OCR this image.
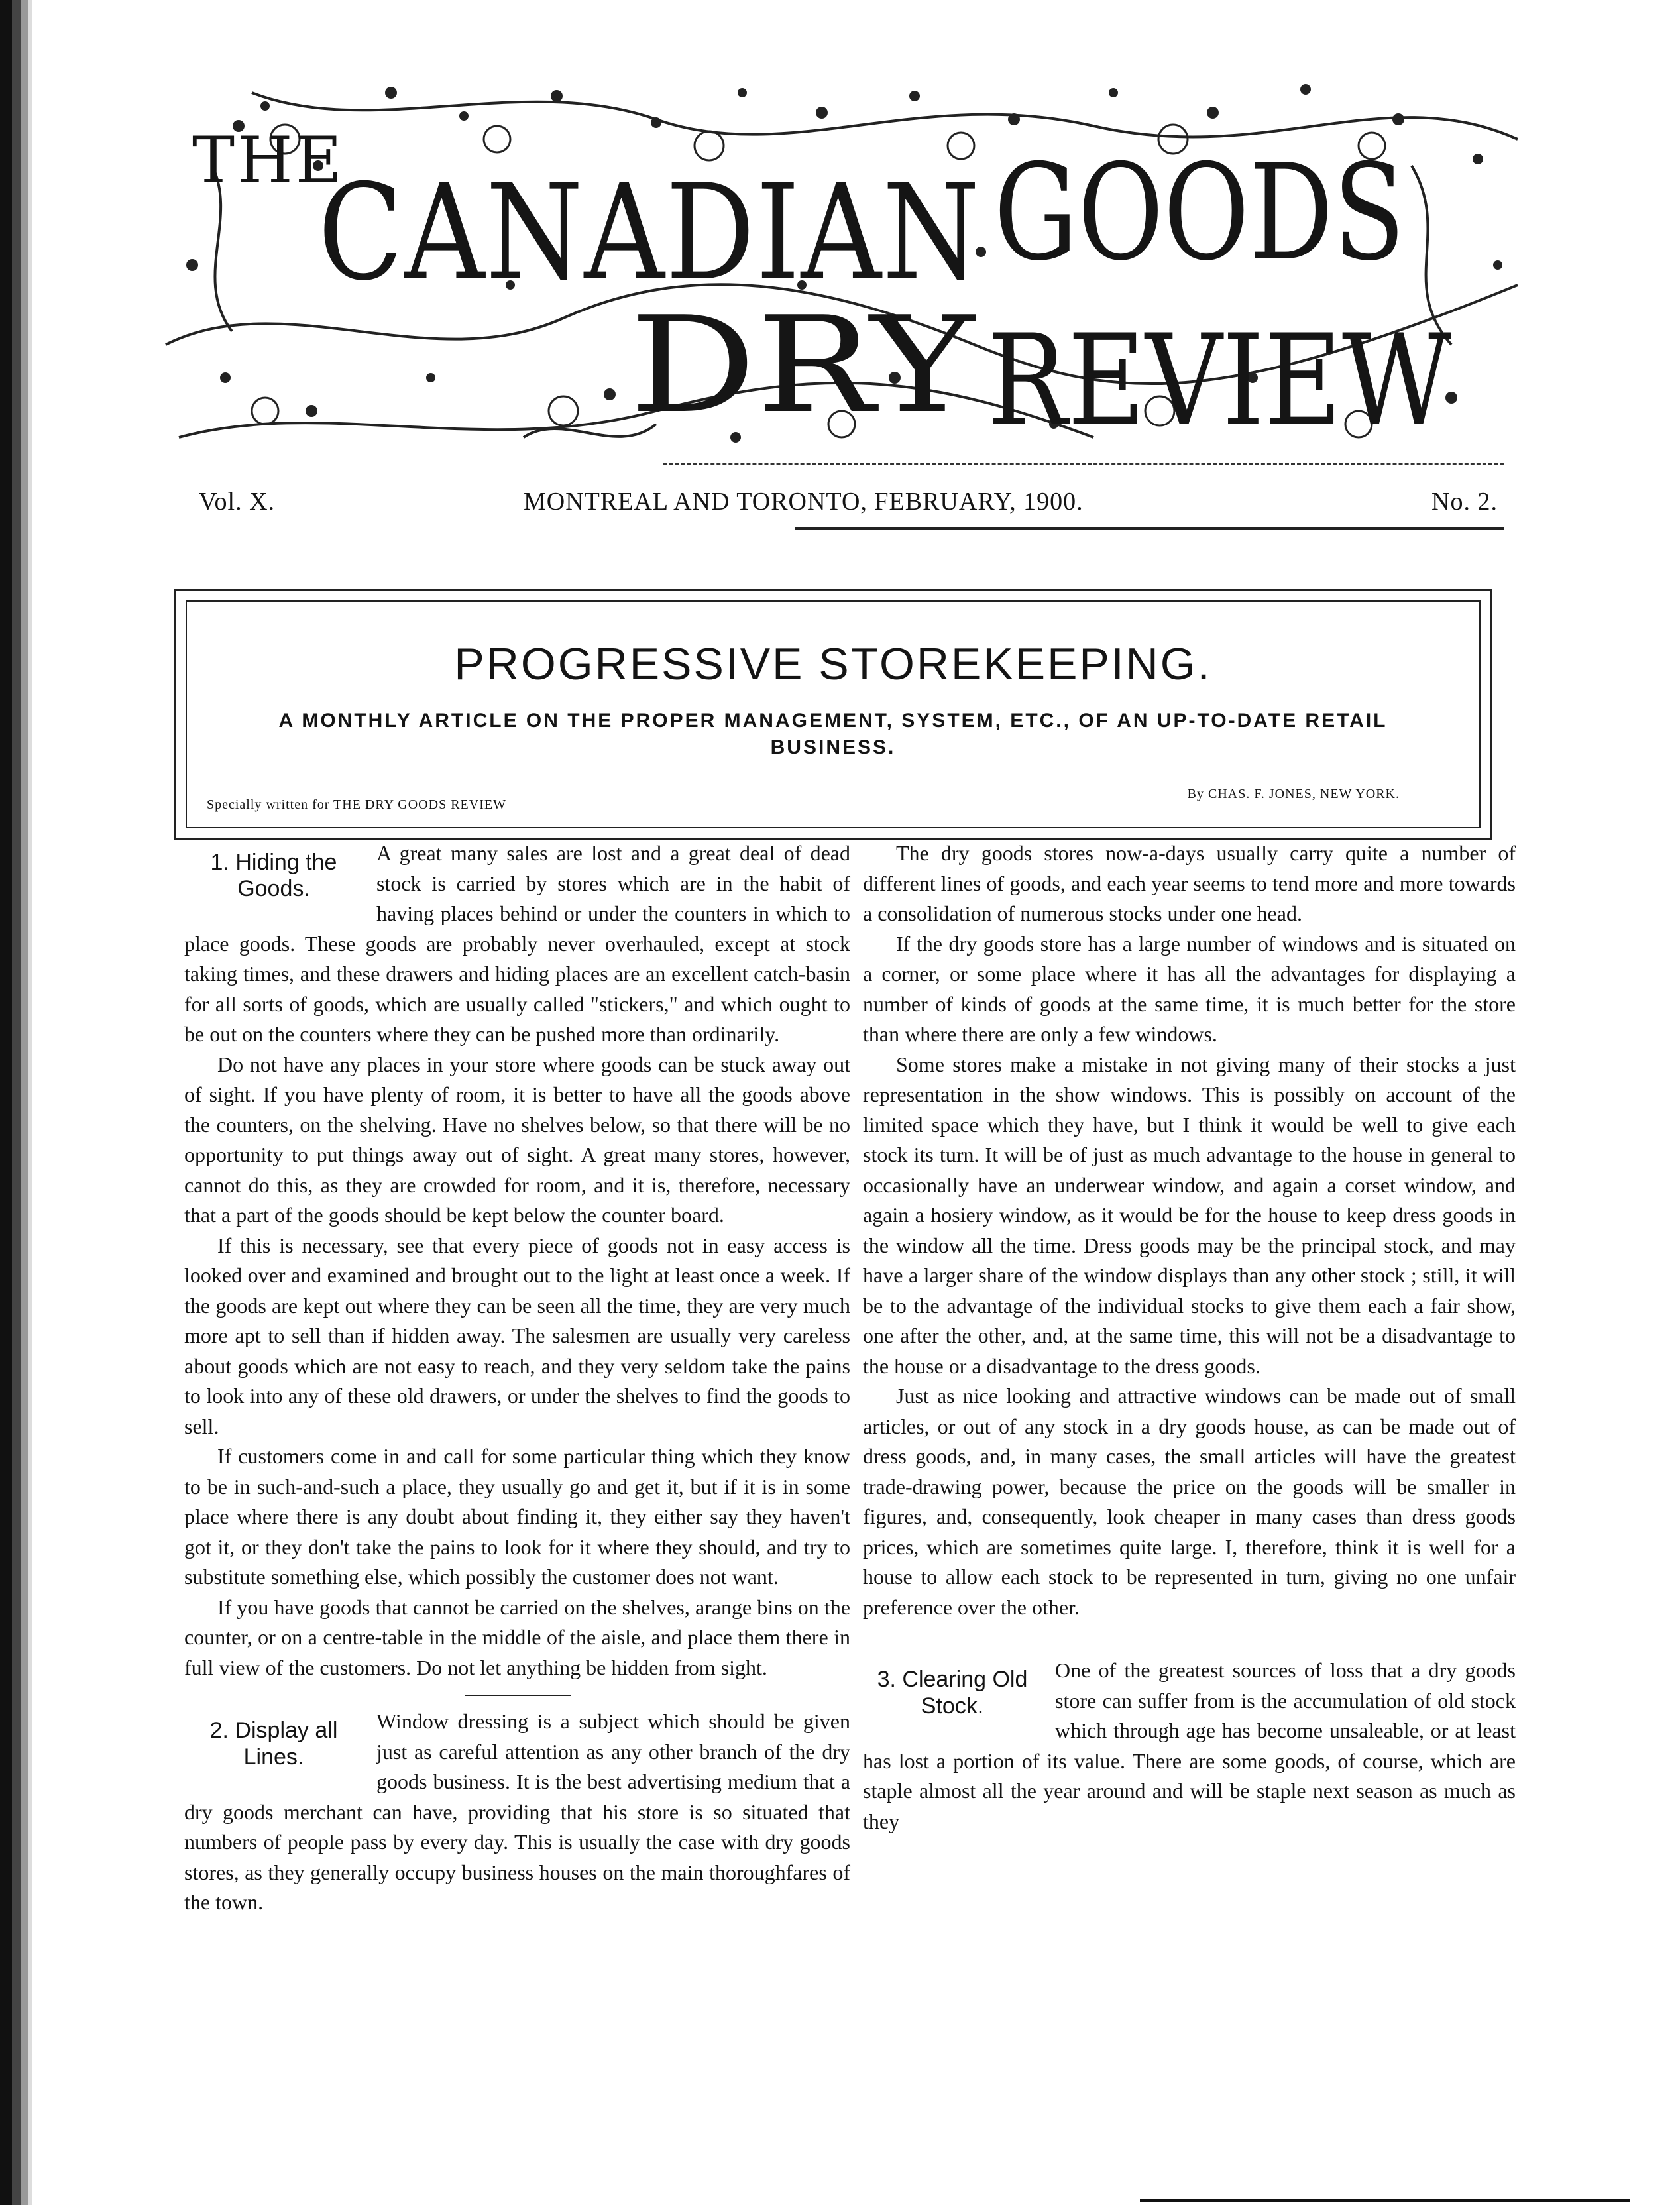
THE
CANADIAN GOODS
DRY REVIEW
Vol. X.	MONTREAL AND TORONTO, FEBRUARY, 1900.	No. 2.
PROGRESSIVE STOREKEEPING.
A MONTHLY ARTICLE ON THE PROPER MANAGEMENT, SYSTEM, ETC., OF AN UP-TO-DATE RETAIL BUSINESS.
Specially written for THE DRY GOODS REVIEW
By CHAS. F. JONES, NEW YORK.
1. Hiding the Goods.

A great many sales are lost and a great deal of dead stock is carried by stores which are in the habit of having places behind or under the counters in which to place goods. These goods are probably never overhauled, except at stock taking times, and these drawers and hiding places are an excellent catch-basin for all sorts of goods, which are usually called "stickers," and which ought to be out on the counters where they can be pushed more than ordinarily.

Do not have any places in your store where goods can be stuck away out of sight. If you have plenty of room, it is better to have all the goods above the counters, on the shelving. Have no shelves below, so that there will be no opportunity to put things away out of sight. A great many stores, however, cannot do this, as they are crowded for room, and it is, therefore, necessary that a part of the goods should be kept below the counter board.

If this is necessary, see that every piece of goods not in easy access is looked over and examined and brought out to the light at least once a week. If the goods are kept out where they can be seen all the time, they are very much more apt to sell than if hidden away. The salesmen are usually very careless about goods which are not easy to reach, and they very seldom take the pains to look into any of these old drawers, or under the shelves to find the goods to sell.

If customers come in and call for some particular thing which they know to be in such-and-such a place, they usually go and get it, but if it is in some place where there is any doubt about finding it, they either say they haven't got it, or they don't take the pains to look for it where they should, and try to substitute something else, which possibly the customer does not want.

If you have goods that cannot be carried on the shelves, arange bins on the counter, or on a centre-table in the middle of the aisle, and place them there in full view of the customers. Do not let anything be hidden from sight.

2. Display all Lines.

Window dressing is a subject which should be given just as careful attention as any other branch of the dry goods business. It is the best advertising medium that a dry goods merchant can have, providing that his store is so situated that numbers of people pass by every day. This is usually the case with dry goods stores, as they generally occupy business houses on the main thoroughfares of the town.

The dry goods stores now-a-days usually carry quite a number of different lines of goods, and each year seems to tend more and more towards a consolidation of numerous stocks under one head.

If the dry goods store has a large number of windows and is situated on a corner, or some place where it has all the advantages for displaying a number of kinds of goods at the same time, it is much better for the store than where there are only a few windows.

Some stores make a mistake in not giving many of their stocks a just representation in the show windows. This is possibly on account of the limited space which they have, but I think it would be well to give each stock its turn. It will be of just as much advantage to the house in general to occasionally have an underwear window, and again a corset window, and again a hosiery window, as it would be for the house to keep dress goods in the window all the time. Dress goods may be the principal stock, and may have a larger share of the window displays than any other stock ; still, it will be to the advantage of the individual stocks to give them each a fair show, one after the other, and, at the same time, this will not be a disadvantage to the house or a disadvantage to the dress goods.

Just as nice looking and attractive windows can be made out of small articles, or out of any stock in a dry goods house, as can be made out of dress goods, and, in many cases, the small articles will have the greatest trade-drawing power, because the price on the goods will be smaller in figures, and, consequently, look cheaper in many cases than dress goods prices, which are sometimes quite large. I, therefore, think it is well for a house to allow each stock to be represented in turn, giving no one unfair preference over the other.

3. Clearing Old Stock.

One of the greatest sources of loss that a dry goods store can suffer from is the accumulation of old stock which through age has become unsaleable, or at least has lost a portion of its value. There are some goods, of course, which are staple almost all the year around and will be staple next season as much as they
